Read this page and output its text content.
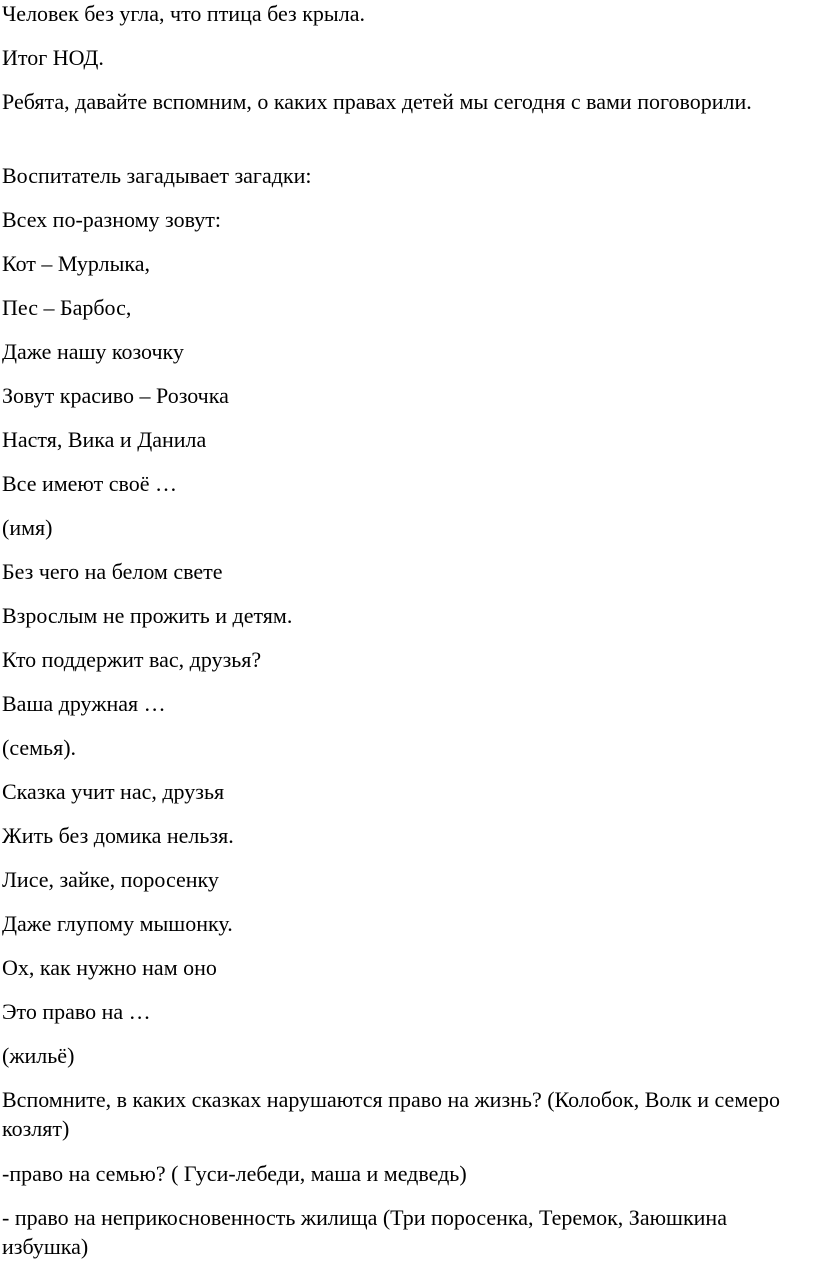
Человек без угла, что птица без крыла.

Итог НОД.

Ребята, давайте вспомним, о каких правах детей мы сегодня с вами поговорили.

Воспитатель загадывает загадки:

Всех по-разному зовут:

Кот – Мурлыка,

Пес – Барбос,

Даже нашу козочку

Зовут красиво – Розочка

Настя, Вика и Данила

Все имеют своё …

(имя)

Без чего на белом свете

Взрослым не прожить и детям.

Кто поддержит вас, друзья?

Ваша дружная …

(семья).

Сказка учит нас, друзья

Жить без домика нельзя.

Лисе, зайке, поросенку

Даже глупому мышонку.

Ох, как нужно нам оно

Это право на …

(жильё)

Вспомните, в каких сказках нарушаются право на жизнь? (Колобок, Волк и семеро козлят)

-право на семью? ( Гуси-лебеди, маша и медведь)

- право на неприкосновенность жилища (Три поросенка, Теремок, Заюшкина избушка)
